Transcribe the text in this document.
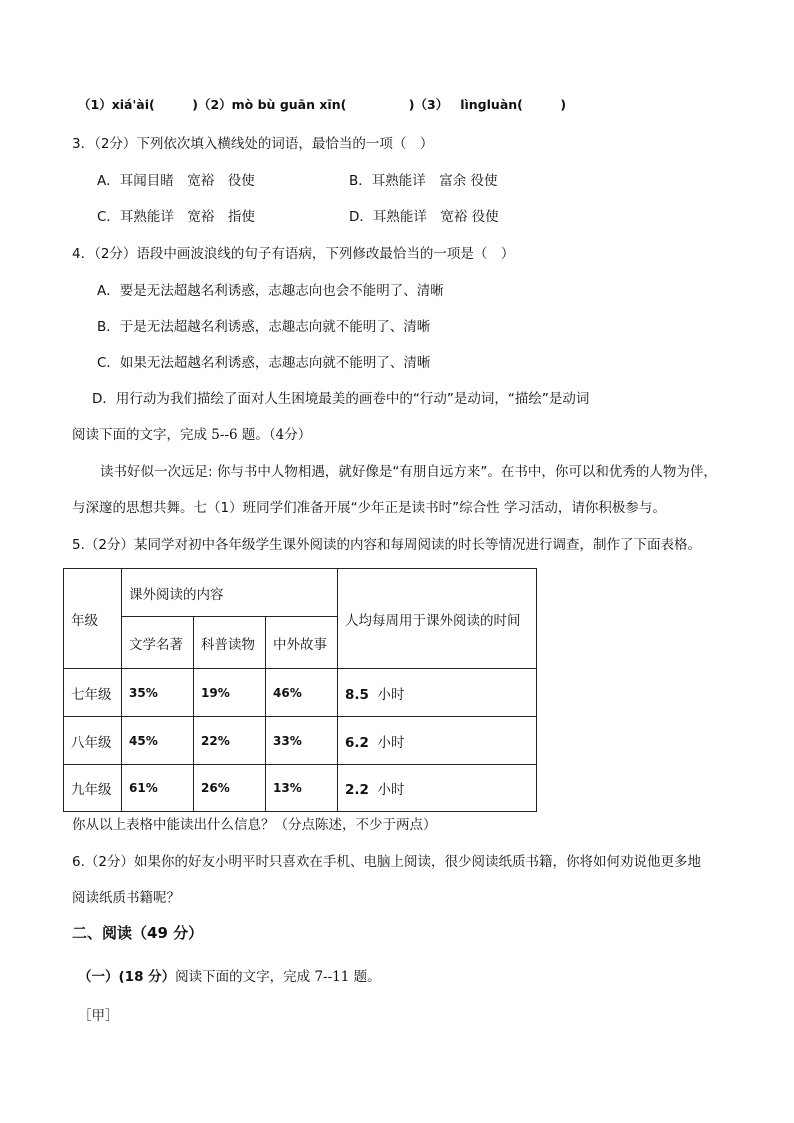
（1）xiá'ài(　　　)（2）mò bù guān xīn(　　　　　)（3） lìnɡluàn(　　　)
3．（2分）下列依次填入横线处的词语，最恰当的一项（　）
A．耳闻目睹　宽裕　役使	B．耳熟能详　富余 役使
C．耳熟能详　宽裕　指使	D．耳熟能详　宽裕 役使
4．（2分）语段中画波浪线的句子有语病，下列修改最恰当的一项是（　）
A．要是无法超越名利诱惑，志趣志向也会不能明了、清晰
B．于是无法超越名利诱惑，志趣志向就不能明了、清晰
C．如果无法超越名利诱惑，志趣志向就不能明了、清晰
D．用行动为我们描绘了面对人生困境最美的画卷中的“行动”是动词，“描绘”是动词
阅读下面的文字，完成 5--6 题。（4分）
读书好似一次远足: 你与书中人物相遇，就好像是“有朋自远方来”。在书中，你可以和优秀的人物为伴，
与深邃的思想共舞。七（1）班同学们准备开展“少年正是读书时”综合性 学习活动，请你积极参与。
5.（2分）某同学对初中各年级学生课外阅读的内容和每周阅读的时长等情况进行调查，制作了下面表格。
年级	课外阅读的内容			人均每周用于课外阅读的时间
	文学名著	科普读物	中外故事	
七年级	35%	19%	46%	8.5 小时
八年级	45%	22%	33%	6.2 小时
九年级	61%	26%	13%	2.2 小时
你从以上表格中能读出什么信息？（分点陈述，不少于两点）
6.（2分）如果你的好友小明平时只喜欢在手机、电脑上阅读，很少阅读纸质书籍，你将如何劝说他更多地
阅读纸质书籍呢？
二、阅读（49 分）
（一）(18 分）阅读下面的文字，完成 7--11 题。
［甲］
